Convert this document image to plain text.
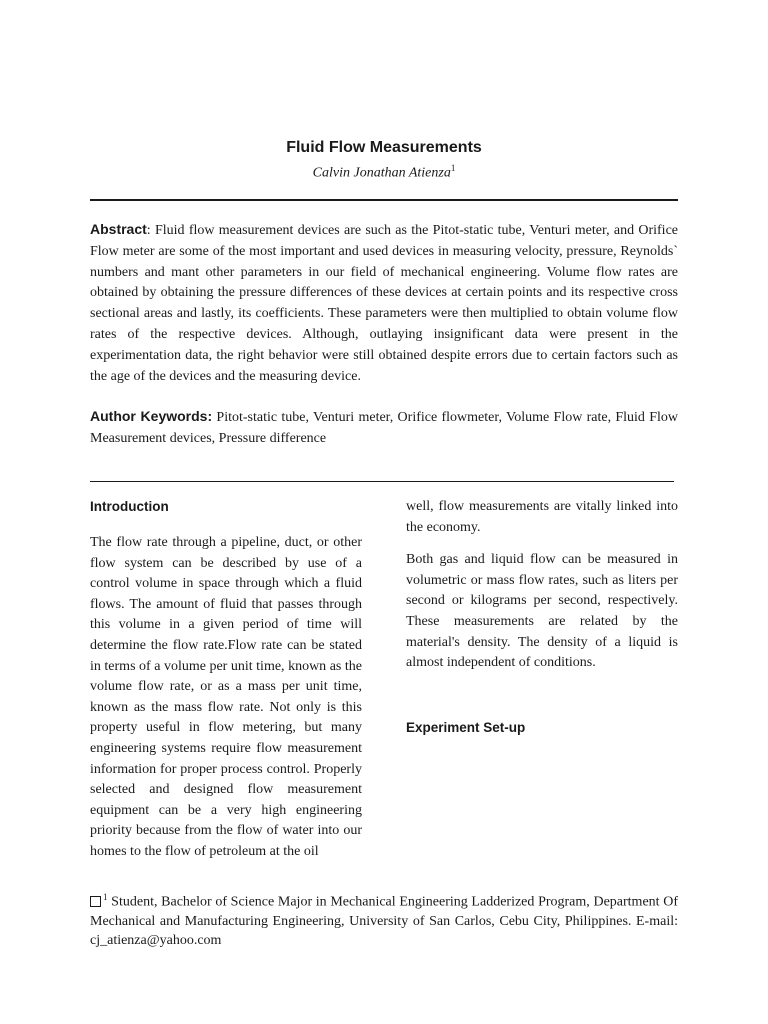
Fluid Flow Measurements
Calvin Jonathan Atienza$^1$

Abstract: Fluid flow measurement devices are such as the Pitot-static tube, Venturi meter, and Orifice Flow meter are some of the most important and used devices in measuring velocity, pressure, Reynolds` numbers and mant other parameters in our field of mechanical engineering. Volume flow rates are obtained by obtaining the pressure differences of these devices at certain points and its respective cross sectional areas and lastly, its coefficients. These parameters were then multiplied to obtain volume flow rates of the respective devices. Although, outlaying insignificant data were present in the experimentation data, the right behavior were still obtained despite errors due to certain factors such as the age of the devices and the measuring device.

Author Keywords: Pitot-static tube, Venturi meter, Orifice flowmeter, Volume Flow rate, Fluid Flow Measurement devices, Pressure difference

Introduction

The flow rate through a pipeline, duct, or other flow system can be described by use of a control volume in space through which a fluid flows. The amount of fluid that passes through this volume in a given period of time will determine the flow rate.Flow rate can be stated in terms of a volume per unit time, known as the volume flow rate, or as a mass per unit time, known as the mass flow rate. Not only is this property useful in flow metering, but many engineering systems require flow measurement information for proper process control. Properly selected and designed flow measurement equipment can be a very high engineering priority because from the flow of water into our homes to the flow of petroleum at the oil

well, flow measurements are vitally linked into the economy.

Both gas and liquid flow can be measured in volumetric or mass flow rates, such as liters per second or kilograms per second, respectively. These measurements are related by the material's density. The density of a liquid is almost independent of conditions.

Experiment Set-up

$^1$ Student, Bachelor of Science Major in Mechanical Engineering Ladderized Program, Department Of Mechanical and Manufacturing Engineering, University of San Carlos, Cebu City, Philippines. E-mail: cj_atienza@yahoo.com
